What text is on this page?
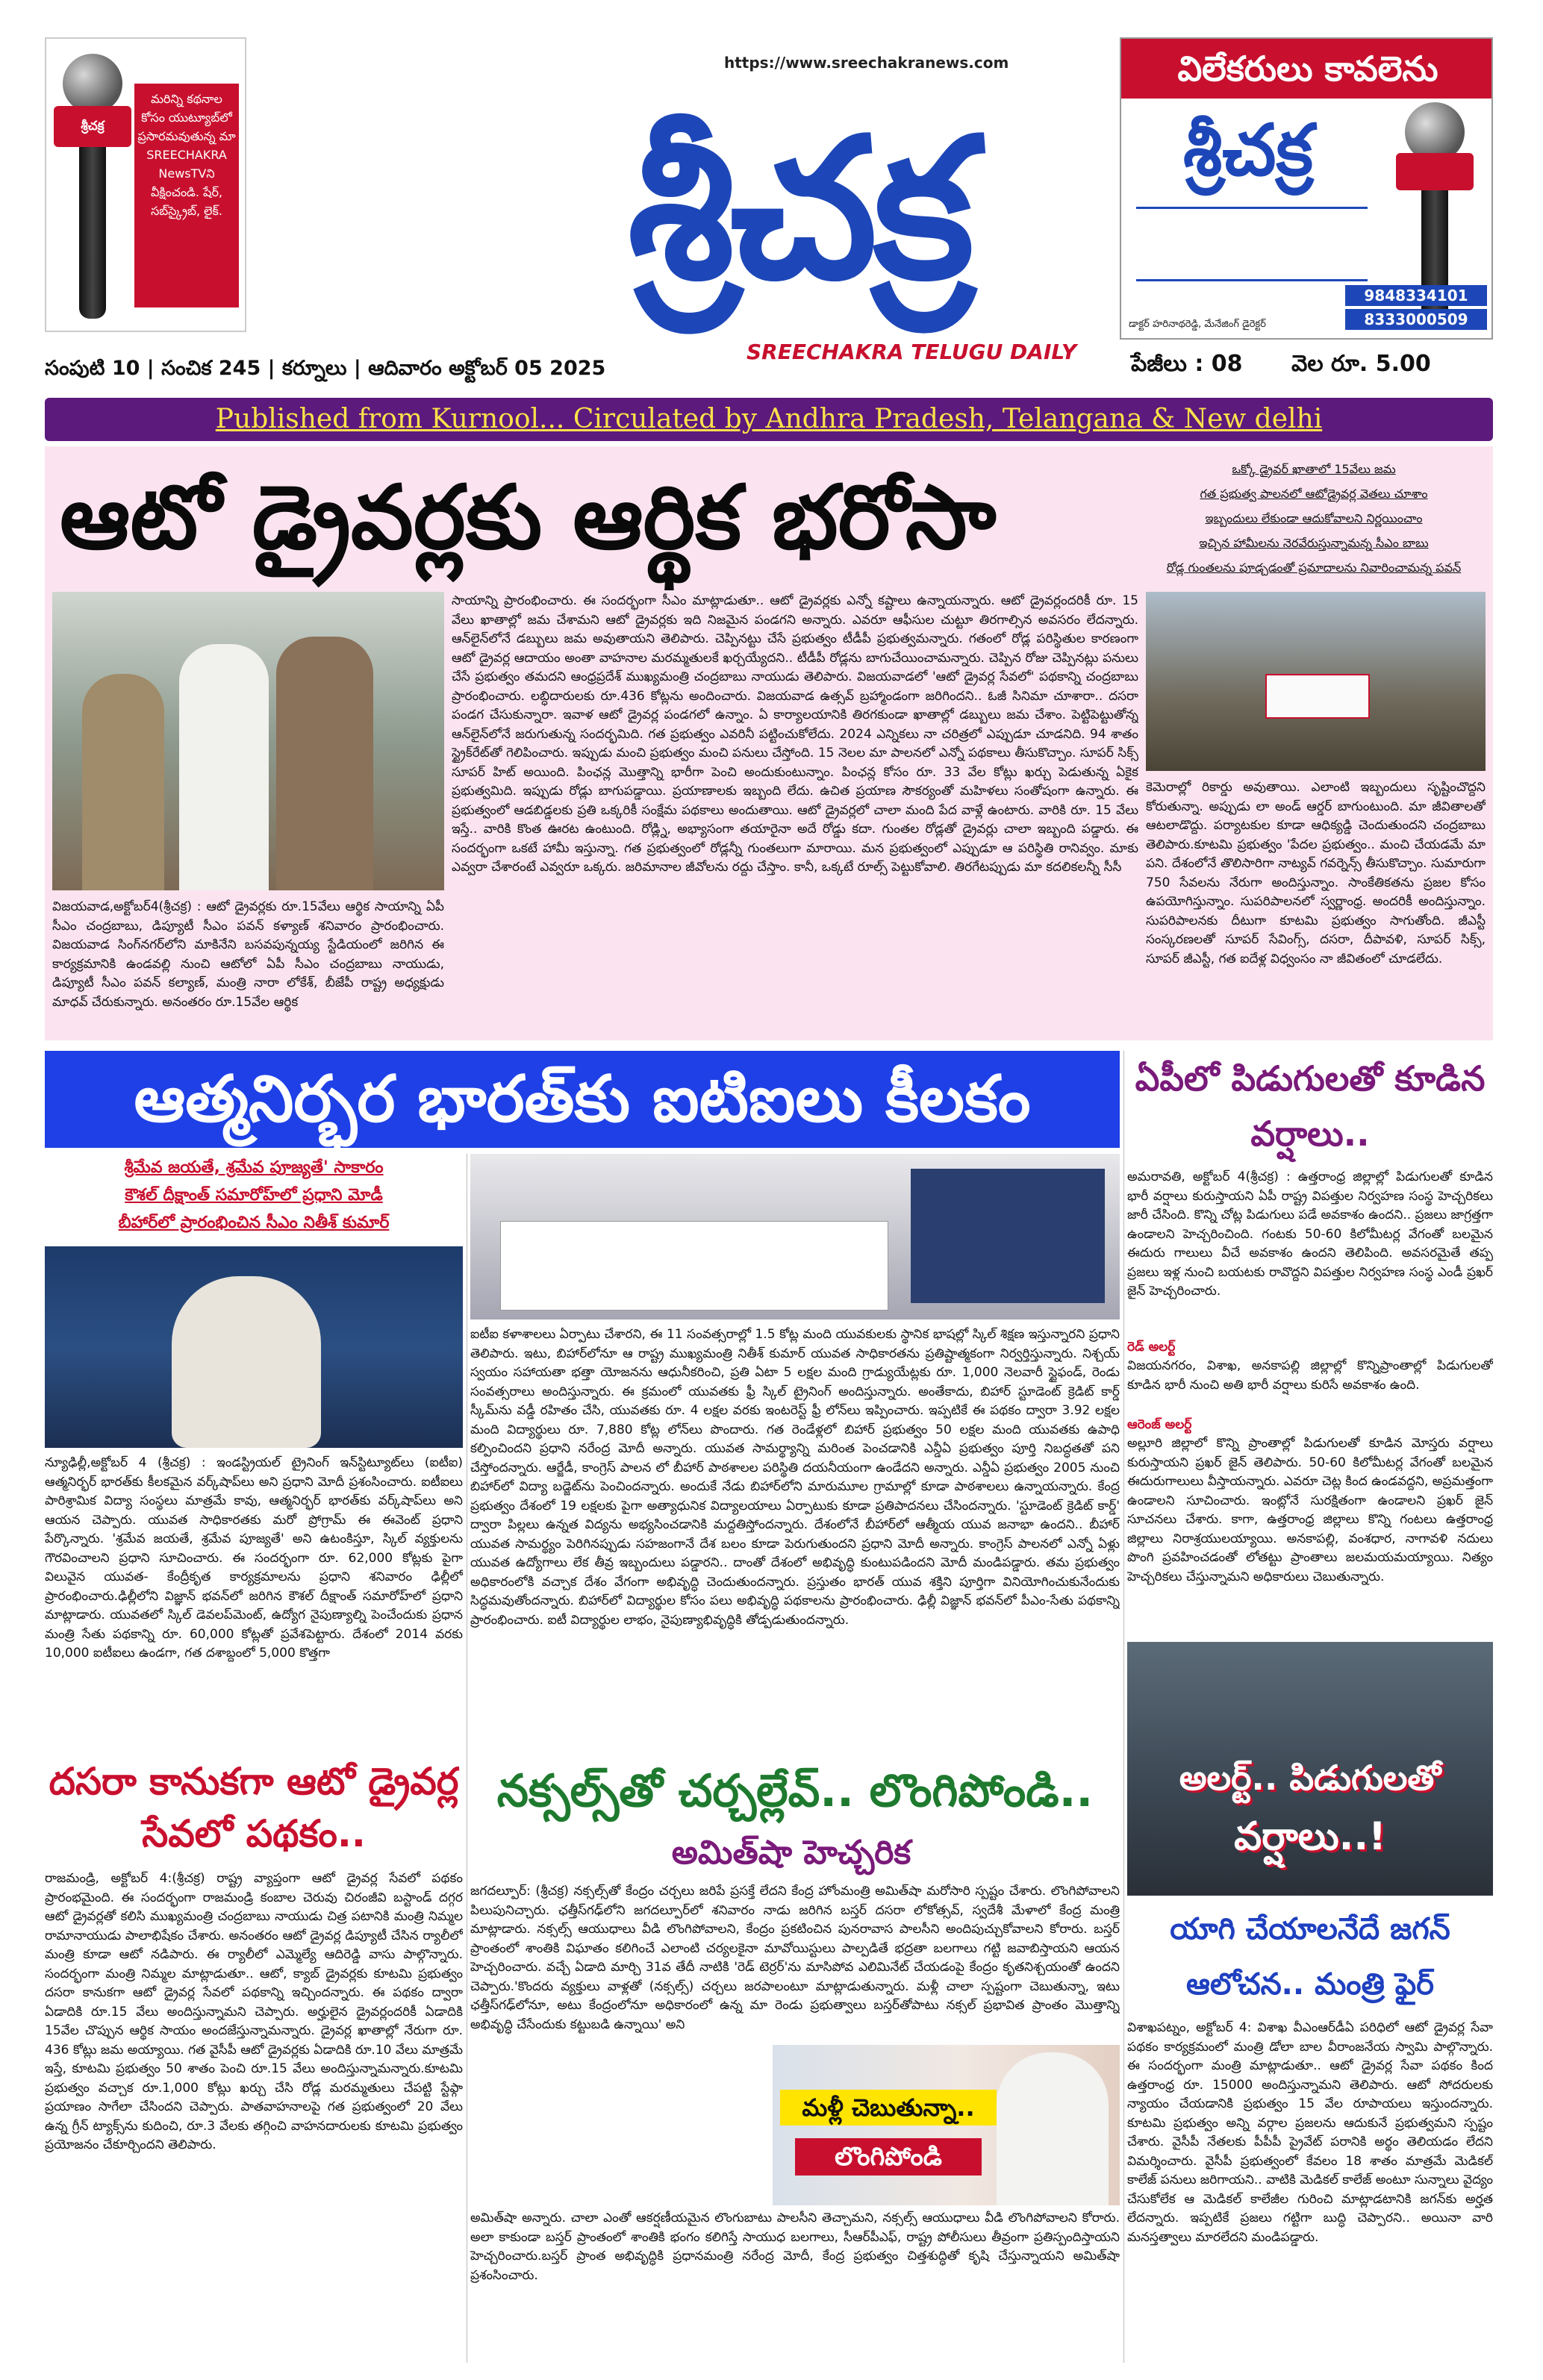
శ్రీచక్ర
మరిన్ని కథనాల కోసం యుట్యూబ్‌లో ప్రసారమవుతున్న మా SREECHAKRA NewsTVని వీక్షించండి. షేర్, సబ్‌స్క్రైబ్, లైక్.
https://www.sreechakranews.com
శ్రీచక్ర
SREECHAKRA TELUGU DAILY
విలేకరులు కావలెను
శ్రీచక్ర
9848334101
8333000509
డాక్టర్ హరినాథరెడ్డి, మేనేజింగ్ డైరెక్టర్
సంపుటి 10 | సంచిక 245 | కర్నూలు | ఆదివారం అక్టోబర్ 05 2025	పేజీలు : 08	వెల రూ. 5.00
Published from Kurnool... Circulated by Andhra Pradesh, Telangana & New delhi
ఆటో డ్రైవర్లకు ఆర్థిక భరోసా	ఒక్కో డ్రైవర్ ఖాతాలో 15వేలు జమ
గత ప్రభుత్వ పాలనలో ఆటోడ్రైవర్ల వెతలు చూశాం
ఇబ్బందులు లేకుండా ఆదుకోవాలని నిర్ణయించాం
ఇచ్చిన హామీలను నెరవేరుస్తున్నామన్న సీఎం బాబు
రోడ్ల గుంతలను పూడ్చడంతో ప్రమాదాలను నివారించామన్న పవన్
విజయవాడ,అక్టోబర్4(శ్రీచక్ర) : ఆటో డ్రైవర్లకు రూ.15వేలు ఆర్థిక సాయాన్ని ఏపీ సీఎం చంద్రబాబు, డిప్యూటీ సీఎం పవన్ కళ్యాణ్ శనివారం ప్రారంభించారు. విజయవాడ సింగ్‌నగర్‌లోని మాకినేని బసవపున్నయ్య స్టేడియంలో జరిగిన ఈ కార్యక్రమానికి ఉండవల్లి నుంచి ఆటోలో ఏపీ సీఎం చంద్రబాబు నాయుడు, డిప్యూటీ సీఎం పవన్ కల్యాణ్, మంత్రి నారా లోకేశ్, బీజేపీ రాష్ట్ర అధ్యక్షుడు మాధవ్ చేరుకున్నారు. అనంతరం రూ.15వేల ఆర్థిక
సాయాన్ని ప్రారంభించారు. ఈ సందర్భంగా సీఎం మాట్లాడుతూ.. ఆటో డ్రైవర్లకు ఎన్నో కష్టాలు ఉన్నాయన్నారు. ఆటో డ్రైవర్లందరికీ రూ. 15 వేలు ఖాతాల్లో జమ చేశామని ఆటో డ్రైవర్లకు ఇది నిజమైన పండగని అన్నారు. ఎవరూ ఆఫీసుల చుట్టూ తిరగాల్సిన అవసరం లేదన్నారు. ఆన్‌లైన్‌లోనే డబ్బులు జమ అవుతాయని తెలిపారు. చెప్పినట్టు చేసే ప్రభుత్వం టీడీపీ ప్రభుత్వమన్నారు. గతంలో రోడ్ల పరిస్థితుల కారణంగా ఆటో డ్రైవర్ల ఆదాయం అంతా వాహనాల మరమ్మతులకే ఖర్చయ్యేదని.. టీడీపీ రోడ్లను బాగుచేయించామన్నారు. చెప్పిన రోజు చెప్పినట్లు పనులు చేసే ప్రభుత్వం తమదని ఆంధ్రప్రదేశ్ ముఖ్యమంత్రి చంద్రబాబు నాయుడు తెలిపారు. విజయవాడలో 'ఆటో డ్రైవర్ల సేవలో' పథకాన్ని చంద్రబాబు ప్రారంభించారు. లబ్ధిదారులకు రూ.436 కోట్లను అందించారు. విజయవాడ ఉత్సవ్ బ్రహ్మాండంగా జరిగిందని.. ఓజీ సినిమా చూశారా.. దసరా పండగ చేసుకున్నారా. ఇవాళ ఆటో డ్రైవర్ల పండగలో ఉన్నాం. ఏ కార్యాలయానికి తిరగకుండా ఖాతాల్లో డబ్బులు జమ చేశాం. పెట్టిపెట్టుతోన్న ఆన్‌లైన్‌లోనే జరుగుతున్న సందర్భమిది. గత ప్రభుత్వం ఎవరినీ పట్టించుకోలేదు. 2024 ఎన్నికలు నా చరిత్రలో ఎప్పుడూ చూడనిది. 94 శాతం స్ట్రైక్‌రేట్‌తో గెలిపించారు. ఇప్పుడు మంచి ప్రభుత్వం మంచి పనులు చేస్తోంది. 15 నెలల మా పాలనలో ఎన్నో పథకాలు తీసుకొచ్చాం. సూపర్ సిక్స్ సూపర్ హిట్ అయింది. పింఛన్ల మొత్తాన్ని భారీగా పెంచి అందుకుంటున్నాం. పింఛన్ల కోసం రూ. 33 వేల కోట్లు ఖర్చు పెడుతున్న ఏకైక ప్రభుత్వమిది. ఇప్పుడు రోడ్లు బాగుపడ్డాయి. ప్రయాణాలకు ఇబ్బంది లేదు. ఉచిత ప్రయాణ సౌకర్యంతో మహిళలు సంతోషంగా ఉన్నారు. ఈ ప్రభుత్వంలో ఆడబిడ్డలకు ప్రతి ఒక్కరికీ సంక్షేమ పథకాలు అందుతాయి. ఆటో డ్రైవర్లలో చాలా మంది పేద వాళ్లే ఉంటారు. వారికి రూ. 15 వేలు ఇస్తే.. వారికి కొంత ఊరట ఉంటుంది. రోడ్ల్ని, అభ్యాసంగా తయారైనా అదే రోడ్డు కదా. గుంతల రోడ్లతో డ్రైవర్లు చాలా ఇబ్బంది పడ్డారు. ఈ సందర్భంగా ఒకటే హామీ ఇస్తున్నా. గత ప్రభుత్వంలో రోడ్లన్నీ గుంతలుగా మారాయి. మన ప్రభుత్వంలో ఎప్పుడూ ఆ పరిస్థితి రానివ్వం. మాకు ఎవ్వరా చేశారంటే ఎవ్వరూ ఒక్కరు. జరిమానాల జీవోలను రద్దు చేస్తాం. కానీ, ఒక్కటే రూల్స్ పెట్టుకోవాలి. తిరగేటప్పుడు మా కదలికలన్నీ సీసీ
కెమెరాల్లో రికార్డు అవుతాయి. ఎలాంటి ఇబ్బందులు సృష్టించొద్దని కోరుతున్నా. అప్పుడు లా అండ్ ఆర్డర్ బాగుంటుంది. మా జీవితాలతో ఆటలాడొద్దు. పర్యాటకుల కూడా ఆధిక్యడ్డి చెందుతుందని చంద్రబాబు తెలిపారు.కూటమి ప్రభుత్వం 'పేదల ప్రభుత్వం.. మంచి చేయడమే మా పని. దేశంలోనే తొలిసారిగా నాట్యవ్ గవర్నెన్స్ తీసుకొచ్చాం. సుమారుగా 750 సేవలను నేరుగా అందిస్తున్నాం. సాంకేతికతను ప్రజల కోసం ఉపయోగిస్తున్నాం. సుపరిపాలనలో స్వర్ణాంధ్ర. అందరికీ అందిస్తున్నాం. సుపరిపాలనకు దీటుగా కూటమి ప్రభుత్వం సాగుతోంది. జీఎస్టీ సంస్కరణలతో సూపర్ సేవింగ్స్, దసరా, దీపావళి, సూపర్ సిక్స్, సూపర్ జీఎస్టీ, గత ఐదేళ్ల విధ్వంసం నా జీవితంలో చూడలేదు.
ఆత్మనిర్భర భారత్‌కు ఐటిఐలు కీలకం
శ్రీమేవ జయతే, శ్రమేవ పూజ్యతే' సాకారం
కౌశల్ దీక్షాంత్ సమారోహ్‌లో ప్రధాని మోడీ
బీహార్‌లో ప్రారంభించిన సీఎం నితీశ్ కుమార్
న్యూఢిల్లీ,అక్టోబర్ 4 (శ్రీచక్ర) : ఇండస్ట్రియల్ ట్రైనింగ్ ఇన్‌స్టిట్యూట్‌లు (ఐటీఐ) ఆత్మనిర్భర్ భారత్‌కు కీలకమైన వర్క్‌షాప్‌లు అని ప్రధాని మోదీ ప్రశంసించారు. ఐటీఐలు పారిశ్రామిక విద్యా సంస్థలు మాత్రమే కావు, ఆత్మనిర్భర్ భారత్‌కు వర్క్‌షాప్‌లు అని ఆయన చెప్పారు. యువత సాధికారతకు మరో ప్రోగ్రామ్ ఈ ఈవెంట్ ప్రధాని పేర్కొన్నారు. 'శ్రమేవ జయతే, శ్రమేవ పూజ్యతే' అని ఉటంకిస్తూ, స్కిల్ వ్యక్తులను గౌరవించాలని ప్రధాని సూచించారు. ఈ సందర్భంగా రూ. 62,000 కోట్లకు పైగా విలువైన యువత- కేంద్రీకృత కార్యక్రమాలను ప్రధాని శనివారం ఢిల్లీలో ప్రారంభించారు.ఢిల్లీలోని విజ్ఞాన్ భవన్‌లో జరిగిన కౌశల్ దీక్షాంత్ సమారోహ్‌లో ప్రధాని మాట్లాడారు. యువతలో స్కిల్ డెవలప్‌మెంట్, ఉద్యోగ నైపుణ్యాల్ని పెంచేందుకు ప్రధాన మంత్రి సేతు పథకాన్ని రూ. 60,000 కోట్లతో ప్రవేశపెట్టారు. దేశంలో 2014 వరకు 10,000 ఐటీఐలు ఉండగా, గత దశాబ్దంలో 5,000 కొత్తగా
ఐటీఐ కళాశాలలు ఏర్పాటు చేశారని, ఈ 11 సంవత్సరాల్లో 1.5 కోట్ల మంది యువకులకు స్థానిక భాషల్లో స్కిల్ శిక్షణ ఇస్తున్నారని ప్రధాని తెలిపారు. ఇటు, బిహార్‌లోనూ ఆ రాష్ట్ర ముఖ్యమంత్రి నితీశ్ కుమార్ యువత సాధికారతను ప్రతిష్టాత్మకంగా నిర్వర్తిస్తున్నారు. నిశ్చయ్ స్వయం సహాయతా భత్తా యోజనను ఆధునీకరించి, ప్రతి ఏటా 5 లక్షల మంది గ్రాడ్యుయేట్లకు రూ. 1,000 నెలవారీ స్టైఫండ్, రెండు సంవత్సరాలు అందిస్తున్నారు. ఈ క్రమంలో యువతకు ఫ్రీ స్కిల్ ట్రైనింగ్ అందిస్తున్నారు. అంతేకాదు, బిహార్ స్టూడెంట్ క్రెడిట్ కార్డ్ స్కీమ్‌ను వడ్డీ రహితం చేసి, యువతకు రూ. 4 లక్షల వరకు ఇంటరెస్ట్ ఫ్రీ లోన్‌లు ఇప్పించారు. ఇప్పటికే ఈ పథకం ద్వారా 3.92 లక్షల మంది విద్యార్థులు రూ. 7,880 కోట్ల లోన్‌లు పొందారు. గత రెండేళ్లలో బిహార్ ప్రభుత్వం 50 లక్షల మంది యువతకు ఉపాధి కల్పించిందని ప్రధాని నరేంద్ర మోదీ అన్నారు. యువత సామర్థ్యాన్ని మరింత పెంచడానికి ఎన్డీఏ ప్రభుత్వం పూర్తి నిబద్ధతతో పని చేస్తోందన్నారు. ఆర్జేడీ, కాంగ్రెస్ పాలన లో బీహార్ పాఠశాలల పరిస్థితి దయనీయంగా ఉండేదని అన్నారు. ఎన్డీఏ ప్రభుత్వం 2005 నుంచి బిహార్‌లో విద్యా బడ్జెట్‌ను పెంచిందన్నారు. అందుకే నేడు బిహార్‌లోని మారుమూల గ్రామాల్లో కూడా పాఠశాలలు ఉన్నాయన్నారు. కేంద్ర ప్రభుత్వం దేశంలో 19 లక్షలకు పైగా అత్యాధునిక విద్యాలయాలు ఏర్పాటుకు కూడా ప్రతిపాదనలు చేసిందన్నారు. 'స్టూడెంట్ క్రెడిట్ కార్డ్' ద్వారా పిల్లలు ఉన్నత విద్యను అభ్యసించడానికి మద్దతిస్తోందన్నారు. దేశంలోనే బీహార్‌లో ఆత్మీయ యువ జనాభా ఉందని.. బీహార్ యువత సామర్థ్యం పెరిగినప్పుడు సహజంగానే దేశ బలం కూడా పెరుగుతుందని ప్రధాని మోదీ అన్నారు. కాంగ్రెస్ పాలనలో ఎన్నో ఏళ్లు యువత ఉద్యోగాలు లేక తీవ్ర ఇబ్బందులు పడ్డారని.. దాంతో దేశంలో అభివృద్ధి కుంటుపడిందని మోదీ మండిపడ్డారు. తమ ప్రభుత్వం అధికారంలోకి వచ్చాక దేశం వేగంగా అభివృద్ధి చెందుతుందన్నారు. ప్రస్తుతం భారత్ యువ శక్తిని పూర్తిగా వినియోగించుకునేందుకు సిద్ధమవుతోందన్నారు. బిహార్‌లో విద్యార్థుల కోసం పలు అభివృద్ధి పథకాలను ప్రారంభించారు. ఢిల్లీ విజ్ఞాన్ భవన్‌లో పీఎం-సేతు పథకాన్ని ప్రారంభించారు. ఐటీ విద్యార్థుల లాభం, నైపుణ్యాభివృద్ధికి తోడ్పడుతుందన్నారు.
దసరా కానుకగా ఆటో డ్రైవర్ల సేవలో పథకం..
రాజమండ్రి, అక్టోబర్ 4:(శ్రీచక్ర) రాష్ట్ర వ్యాప్తంగా ఆటో డ్రైవర్ల సేవలో పథకం ప్రారంభమైంది. ఈ సందర్భంగా రాజమండ్రి కంబాల చెరువు చిరంజీవి బస్టాండ్ దగ్గర ఆటో డ్రైవర్లతో కలిసి ముఖ్యమంత్రి చంద్రబాబు నాయుడు చిత్ర పటానికి మంత్రి నిమ్మల రామానాయుడు పాలాభిషేకం చేశారు. అనంతరం ఆటో డ్రైవర్ల డిప్యూటీ చేసిన ర్యాలీలో మంత్రి కూడా ఆటో నడిపారు. ఈ ర్యాలీలో ఎమ్మెల్యే ఆదిరెడ్డి వాసు పాల్గొన్నారు. సందర్భంగా మంత్రి నిమ్మల మాట్లాడుతూ.. ఆటో, క్యాబ్ డ్రైవర్లకు కూటమి ప్రభుత్వం దసరా కానుకగా ఆటో డ్రైవర్ల సేవలో పథకాన్ని ఇచ్చిందన్నారు. ఈ పథకం ద్వారా ఏడాదికి రూ.15 వేలు అందిస్తున్నామని చెప్పారు. అర్హులైన డ్రైవర్లందరికీ ఏడాదికి 15వేల చొప్పున ఆర్థిక సాయం అందజేస్తున్నామన్నారు. డ్రైవర్ల ఖాతాల్లో నేరుగా రూ. 436 కోట్లు జమ అయ్యాయి. గత వైసీపీ ఆటో డ్రైవర్లకు ఏడాదికి రూ.10 వేలు మాత్రమే ఇస్తే, కూటమి ప్రభుత్వం 50 శాతం పెంచి రూ.15 వేలు అందిస్తున్నామన్నారు.కూటమి ప్రభుత్వం వచ్చాక రూ.1,000 కోట్లు ఖర్చు చేసి రోడ్ల మరమ్మతులు చేపట్టి స్టేఫ్గా ప్రయాణం సాగేలా చేసిందని చెప్పారు. పాతవాహనాలపై గత ప్రభుత్వంలో 20 వేలు ఉన్న గ్రీన్ ట్యాక్స్‌ను కుదించి, రూ.3 వేలకు తగ్గించి వాహనదారులకు కూటమి ప్రభుత్వం ప్రయోజనం చేకూర్చిందని తెలిపారు.
నక్సల్స్‌తో చర్చల్లేవ్.. లొంగిపోండి..
అమిత్‌షా హెచ్చరిక
జగదల్పూర్: (శ్రీచక్ర) నక్సల్స్‌తో కేంద్రం చర్చలు జరిపే ప్రసక్తే లేదని కేంద్ర హోంమంత్రి అమిత్‌షా మరోసారి స్పష్టం చేశారు. లొంగిపోవాలని పిలుపునిచ్చారు. ఛత్తీస్‌గఢ్‌లోని జగదల్పూర్‌లో శనివారం నాడు జరిగిన బస్తర్ దసరా లోకోత్సవ్, స్వదేశీ మేళాలో కేంద్ర మంత్రి మాట్లాడారు. నక్సల్స్ ఆయుధాలు వీడి లొంగిపోవాలని, కేంద్రం ప్రకటించిన పునరావాస పాలసీని అందిపుచ్చుకోవాలని కోరారు. బస్తర్ ప్రాంతంలో శాంతికి విఘాతం కలిగించే ఎలాంటి చర్యలకైనా మావోయిస్టులు పాల్పడితే భద్రతా బలగాలు గట్టి జవాబిస్తాయని ఆయన హెచ్చరించారు. వచ్చే ఏడాది మార్చి 31వ తేదీ నాటికి 'రెడ్ టెర్రర్'ను మాసిపోవ ఎలిమినేట్ చేయడంపై కేంద్రం కృతనిశ్చయంతో ఉందని చెప్పారు.'కొందరు వ్యక్తులు వాళ్లతో (నక్సల్స్) చర్చలు జరపాలంటూ మాట్లాడుతున్నారు. మళ్లీ చాలా స్పష్టంగా చెబుతున్నా, ఇటు ఛత్తీస్‌గఢ్‌లోనూ, అటు కేంద్రంలోనూ అధికారంలో ఉన్న మా రెండు ప్రభుత్వాలు బస్తర్‌తోపాటు నక్సల్ ప్రభావిత ప్రాంతం మొత్తాన్ని అభివృద్ధి చేసేందుకు కట్టుబడి ఉన్నాయి' అని
మళ్లీ చెబుతున్నా..
లొంగిపోండి
అమిత్‌షా అన్నారు. చాలా ఎంతో ఆకర్షణీయమైన లొంగుబాటు పాలసీని తెచ్చామని, నక్సల్స్ ఆయుధాలు వీడి లొంగిపోవాలని కోరారు. అలా కాకుండా బస్తర్ ప్రాంతంలో శాంతికి భంగం కలిగిస్తే సాయుధ బలగాలు, సీఆర్‌పీఎఫ్, రాష్ట్ర పోలీసులు తీవ్రంగా ప్రతిస్పందిస్తాయని హెచ్చరించారు.బస్తర్ ప్రాంత అభివృద్ధికి ప్రధానమంత్రి నరేంద్ర మోదీ, కేంద్ర ప్రభుత్వం చిత్తశుద్ధితో కృషి చేస్తున్నాయని అమిత్‌షా ప్రశంసించారు.
ఏపీలో పిడుగులతో కూడిన వర్షాలు..
అమరావతి, అక్టోబర్ 4(శ్రీచక్ర) : ఉత్తరాంధ్ర జిల్లాల్లో పిడుగులతో కూడిన భారీ వర్షాలు కురుస్తాయని ఏపీ రాష్ట్ర విపత్తుల నిర్వహణ సంస్థ హెచ్చరికలు జారీ చేసింది. కొన్ని చోట్ల పిడుగులు పడే అవకాశం ఉందని.. ప్రజలు జాగ్రత్తగా ఉండాలని హెచ్చరించింది. గంటకు 50-60 కిలోమీటర్ల వేగంతో బలమైన ఈదురు గాలులు వీచే అవకాశం ఉందని తెలిపింది. అవసరమైతే తప్ప ప్రజలు ఇళ్ల నుంచి బయటకు రావొద్దని విపత్తుల నిర్వహణ సంస్థ ఎండీ ప్రఖర్ జైన్ హెచ్చరించారు.
రెడ్ అలర్ట్
విజయనగరం, విశాఖ, అనకాపల్లి జిల్లాల్లో కొన్నిప్రాంతాల్లో పిడుగులతో కూడిన భారీ నుంచి అతి భారీ వర్షాలు కురిసే అవకాశం ఉంది.
ఆరెంజ్ అలర్ట్
అల్లూరి జిల్లాలో కొన్ని ప్రాంతాల్లో పిడుగులతో కూడిన మోస్తరు వర్షాలు కురుస్తాయని ప్రఖర్ జైన్ తెలిపారు. 50-60 కిలోమీటర్ల వేగంతో బలమైన ఈదురుగాలులు వీస్తాయన్నారు. ఎవరూ చెట్ల కింద ఉండవద్దని, అప్రమత్తంగా ఉండాలని సూచించారు. ఇంట్లోనే సురక్షితంగా ఉండాలని ప్రఖర్ జైన్ సూచనలు చేశారు. కాగా, ఉత్తరాంధ్ర జిల్లాలు కొన్ని గంటలు ఉత్తరాంధ్ర జిల్లాలు నిరాశ్రయులయ్యాయి. అనకాపల్లి, వంశధార, నాగావళి నదులు పొంగి ప్రవహించడంతో లోతట్టు ప్రాంతాలు జలమయమయ్యాయి. నిత్యం హెచ్చరికలు చేస్తున్నామని అధికారులు చెబుతున్నారు.
అలర్ట్.. పిడుగులతో
వర్షాలు..!
యాగి చేయాలనేదే జగన్ ఆలోచన.. మంత్రి ఫైర్
విశాఖపట్నం, అక్టోబర్ 4: విశాఖ వీఎంఆర్‌డీఏ పరిధిలో ఆటో డ్రైవర్ల సేవా పథకం కార్యక్రమంలో మంత్రి డోలా బాల వీరాంజనేయ స్వామి పాల్గొన్నారు. ఈ సందర్భంగా మంత్రి మాట్లాడుతూ.. ఆటో డ్రైవర్ల సేవా పథకం కింద ఉత్తరాంధ్ర రూ. 15000 అందిస్తున్నామని తెలిపారు. ఆటో సోదరులకు న్యాయం చేయడానికి ప్రభుత్వం 15 వేల రూపాయలు ఇస్తుందన్నారు. కూటమి ప్రభుత్వం అన్ని వర్గాల ప్రజలను ఆదుకునే ప్రభుత్వమని స్పష్టం చేశారు. వైసీపీ నేతలకు పీపీపీ ప్రైవేట్ పరానికి అర్థం తెలియడం లేదని విమర్శించారు. వైసీపీ ప్రభుత్వంలో కేవలం 18 శాతం మాత్రమే మెడికల్ కాలేజ్ పనులు జరిగాయని.. వాటికి మెడికల్ కాలేజ్ అంటూ సున్నాలు వైద్యం చేసుకోలేక ఆ మెడికల్ కాలేజీల గురించి మాట్లాడటానికి జగన్‌కు అర్హత లేదన్నారు. ఇప్పటికే ప్రజలు గట్టిగా బుద్ధి చెప్పారని.. అయినా వారి మనస్తత్వాలు మారలేదని మండిపడ్డారు.
